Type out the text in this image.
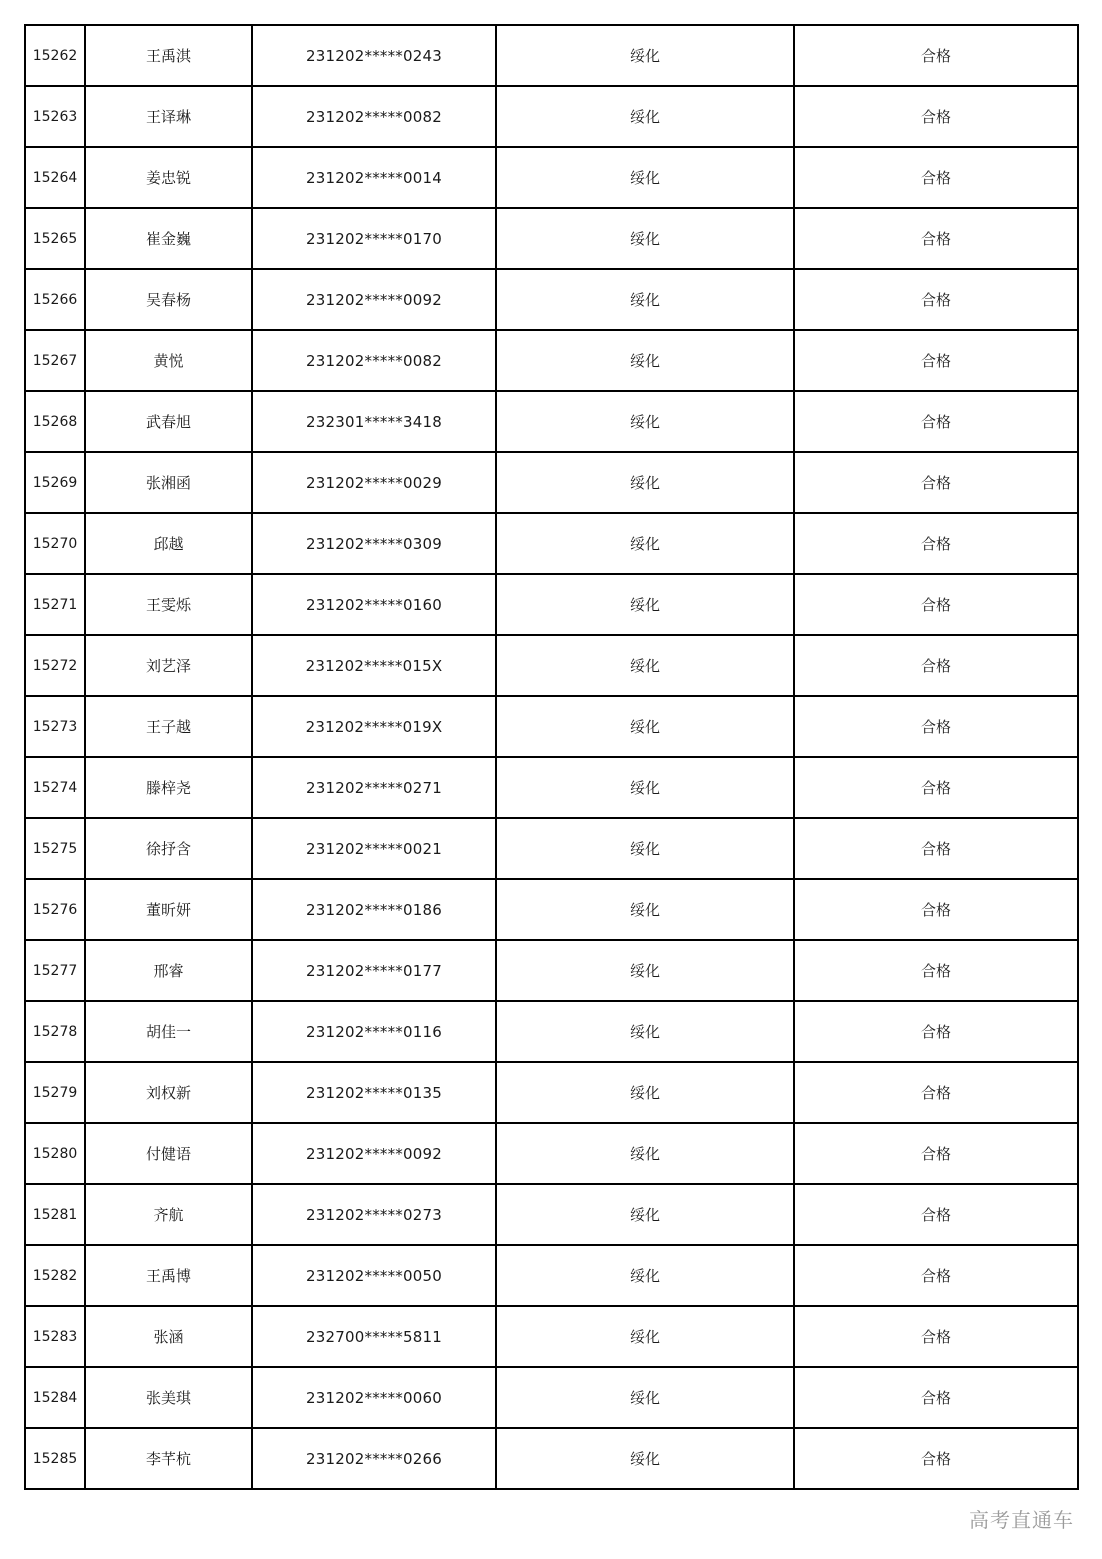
15262	王禹淇	231202*****0243	绥化	合格
15263	王译琳	231202*****0082	绥化	合格
15264	姜忠锐	231202*****0014	绥化	合格
15265	崔金巍	231202*****0170	绥化	合格
15266	吴春杨	231202*****0092	绥化	合格
15267	黄悦	231202*****0082	绥化	合格
15268	武春旭	232301*****3418	绥化	合格
15269	张湘函	231202*****0029	绥化	合格
15270	邱越	231202*****0309	绥化	合格
15271	王雯烁	231202*****0160	绥化	合格
15272	刘艺泽	231202*****015X	绥化	合格
15273	王子越	231202*****019X	绥化	合格
15274	滕梓尧	231202*****0271	绥化	合格
15275	徐抒含	231202*****0021	绥化	合格
15276	董昕妍	231202*****0186	绥化	合格
15277	邢睿	231202*****0177	绥化	合格
15278	胡佳一	231202*****0116	绥化	合格
15279	刘权新	231202*****0135	绥化	合格
15280	付健语	231202*****0092	绥化	合格
15281	齐航	231202*****0273	绥化	合格
15282	王禹博	231202*****0050	绥化	合格
15283	张涵	232700*****5811	绥化	合格
15284	张美琪	231202*****0060	绥化	合格
15285	李芊杭	231202*****0266	绥化	合格
高考直通车
